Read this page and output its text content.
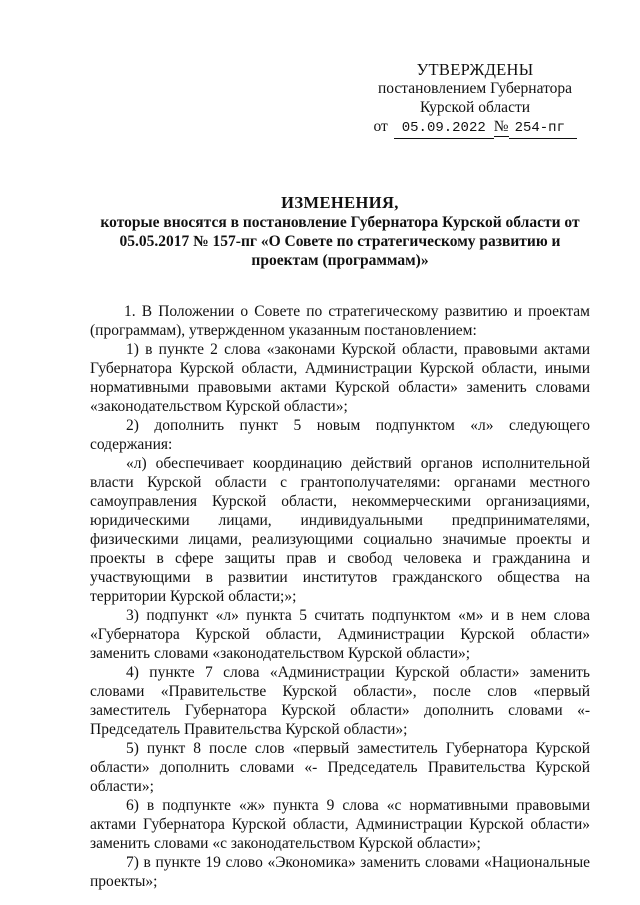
УТВЕРЖДЕНЫ
постановлением Губернатора
Курской области
от 05.09.2022 № 254-пг
ИЗМЕНЕНИЯ,
которые вносятся в постановление Губернатора Курской области от 05.05.2017 № 157-пг «О Совете по стратегическому развитию и проектам (программам)»

1. В Положении о Совете по стратегическому развитию и проектам (программам), утвержденном указанным постановлением:

1) в пункте 2 слова «законами Курской области, правовыми актами Губернатора Курской области, Администрации Курской области, иными нормативными правовыми актами Курской области» заменить словами «законодательством Курской области»;

2) дополнить пункт 5 новым подпунктом «л» следующего содержания:

«л) обеспечивает координацию действий органов исполнительной власти Курской области с грантополучателями: органами местного самоуправления Курской области, некоммерческими организациями, юридическими лицами, индивидуальными предпринимателями, физическими лицами, реализующими социально значимые проекты и проекты в сфере защиты прав и свобод человека и гражданина и участвующими в развитии институтов гражданского общества на территории Курской области;»;

3) подпункт «л» пункта 5 считать подпунктом «м» и в нем слова «Губернатора Курской области, Администрации Курской области» заменить словами «законодательством Курской области»;

4) пункте 7 слова «Администрации Курской области» заменить словами «Правительстве Курской области», после слов «первый заместитель Губернатора Курской области» дополнить словами «- Председатель Правительства Курской области»;

5) пункт 8 после слов «первый заместитель Губернатора Курской области» дополнить словами «- Председатель Правительства Курской области»;

6) в подпункте «ж» пункта 9 слова «с нормативными правовыми актами Губернатора Курской области, Администрации Курской области» заменить словами «с законодательством Курской области»;

7) в пункте 19 слово «Экономика» заменить словами «Национальные проекты»;
